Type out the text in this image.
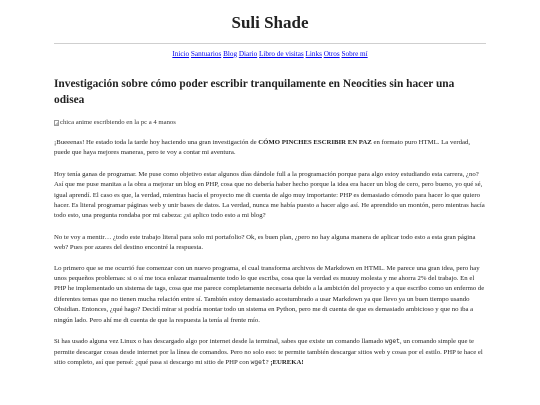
Suli Shade
Inicio Santuarios Blog Diario Libro de visitas Links Otros Sobre mí
Investigación sobre cómo poder escribir tranquilamente en Neocities sin hacer una odisea
chica anime escribiendo en la pc a 4 manos

¡Bueeenas! He estado toda la tarde hoy haciendo una gran investigación de CÓMO PINCHES ESCRIBIR EN PAZ en formato puro HTML. La verdad, puede que haya mejores maneras, pero te voy a contar mi aventura.

Hoy tenía ganas de programar. Me puse como objetivo estar algunos días dándole full a la programación porque para algo estoy estudiando esta carrera, ¿no? Así que me puse manitas a la obra a mejorar un blog en PHP, cosa que no debería haber hecho porque la idea era hacer un blog de cero, pero bueno, yo qué sé, igual aprendí. El caso es que, la verdad, mientras hacía el proyecto me di cuenta de algo muy importante: PHP es demasiado cómodo para hacer lo que quiero hacer. Es literal programar páginas web y unir bases de datos. La verdad, nunca me había puesto a hacer algo así. He aprendido un montón, pero mientras hacía todo esto, una pregunta rondaba por mi cabeza: ¿si aplico todo esto a mi blog?

No te voy a mentir… ¿todo este trabajo literal para solo mi portafolio? Ok, es buen plan, ¿pero no hay alguna manera de aplicar todo esto a esta gran página web? Pues por azares del destino encontré la respuesta.

Lo primero que se me ocurrió fue comenzar con un nuevo programa, el cual transforma archivos de Markdown en HTML. Me parece una gran idea, pero hay unos pequeños problemas: si o sí me toca enlazar manualmente todo lo que escriba, cosa que la verdad es muuuy molesta y me ahorra 2% del trabajo. En el PHP he implementado un sistema de tags, cosa que me parece completamente necesaria debido a la ambición del proyecto y a que escribo como un enfermo de diferentes temas que no tienen mucha relación entre sí. También estoy demasiado acostumbrado a usar Markdown ya que llevo ya un buen tiempo usando Obsidian. Entonces, ¿qué hago? Decidí mirar si podría montar todo un sistema en Python, pero me di cuenta de que es demasiado ambicioso y que no iba a ningún lado. Pero ahí me di cuenta de que la respuesta la tenía al frente mío.

Si has usado alguna vez Linux o has descargado algo por internet desde la terminal, sabes que existe un comando llamado wget, un comando simple que te permite descargar cosas desde internet por la línea de comandos. Pero no solo eso: te permite también descargar sitios web y cosas por el estilo. PHP te hace el sitio completo, así que pensé: ¿qué pasa si descargo mi sitio de PHP con wget? ¡EUREKA!
